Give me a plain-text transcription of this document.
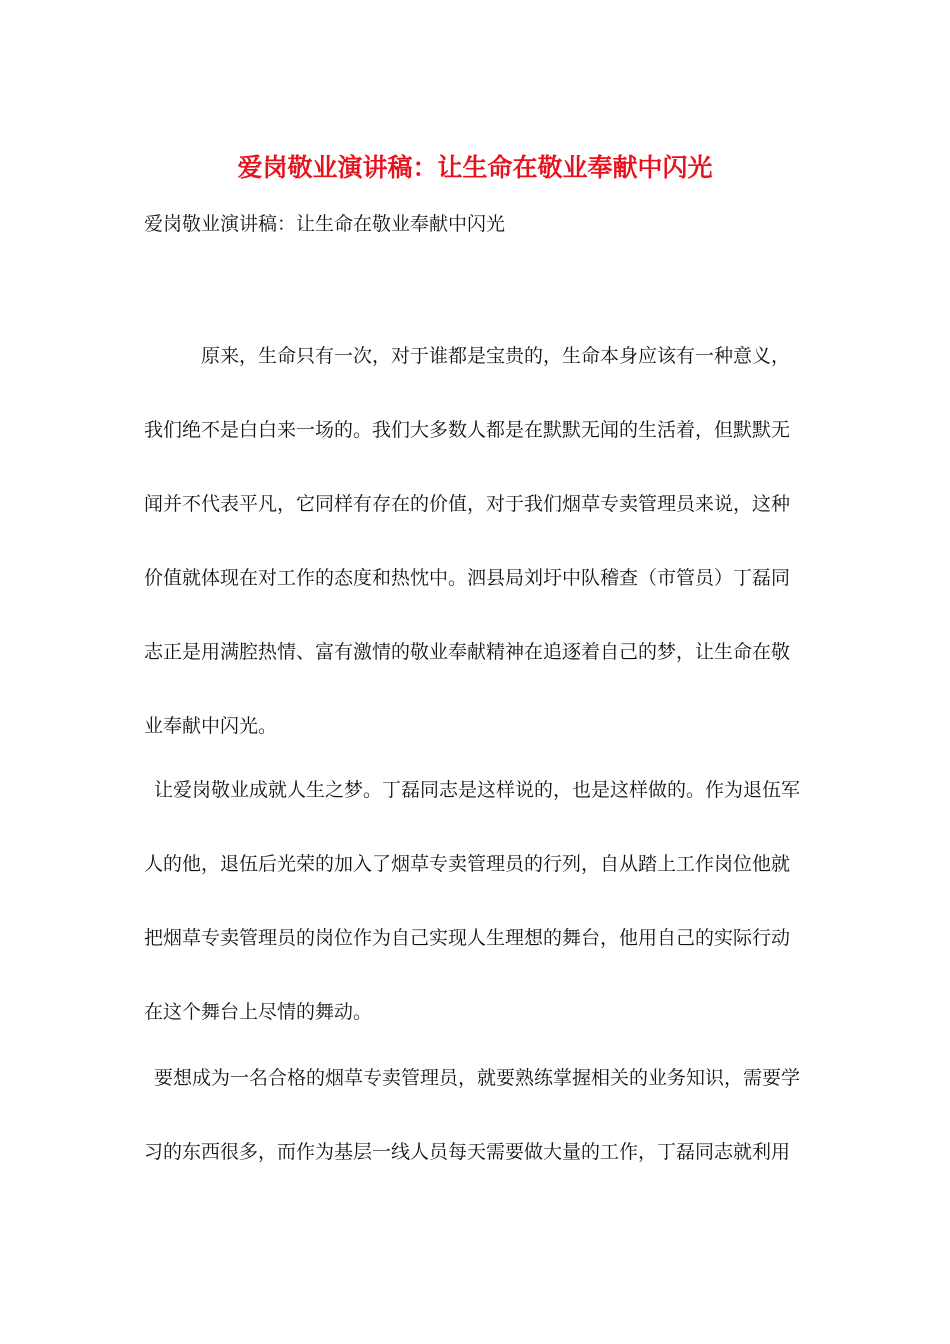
爱岗敬业演讲稿：让生命在敬业奉献中闪光

爱岗敬业演讲稿：让生命在敬业奉献中闪光

原来，生命只有一次，对于谁都是宝贵的，生命本身应该有一种意义，

我们绝不是白白来一场的。我们大多数人都是在默默无闻的生活着，但默默无

闻并不代表平凡，它同样有存在的价值，对于我们烟草专卖管理员来说，这种

价值就体现在对工作的态度和热忱中。泗县局刘圩中队稽查（市管员）丁磊同

志正是用满腔热情、富有激情的敬业奉献精神在追逐着自己的梦，让生命在敬

业奉献中闪光。

让爱岗敬业成就人生之梦。丁磊同志是这样说的，也是这样做的。作为退伍军

人的他，退伍后光荣的加入了烟草专卖管理员的行列，自从踏上工作岗位他就

把烟草专卖管理员的岗位作为自己实现人生理想的舞台，他用自己的实际行动

在这个舞台上尽情的舞动。

要想成为一名合格的烟草专卖管理员，就要熟练掌握相关的业务知识，需要学

习的东西很多，而作为基层一线人员每天需要做大量的工作，丁磊同志就利用
